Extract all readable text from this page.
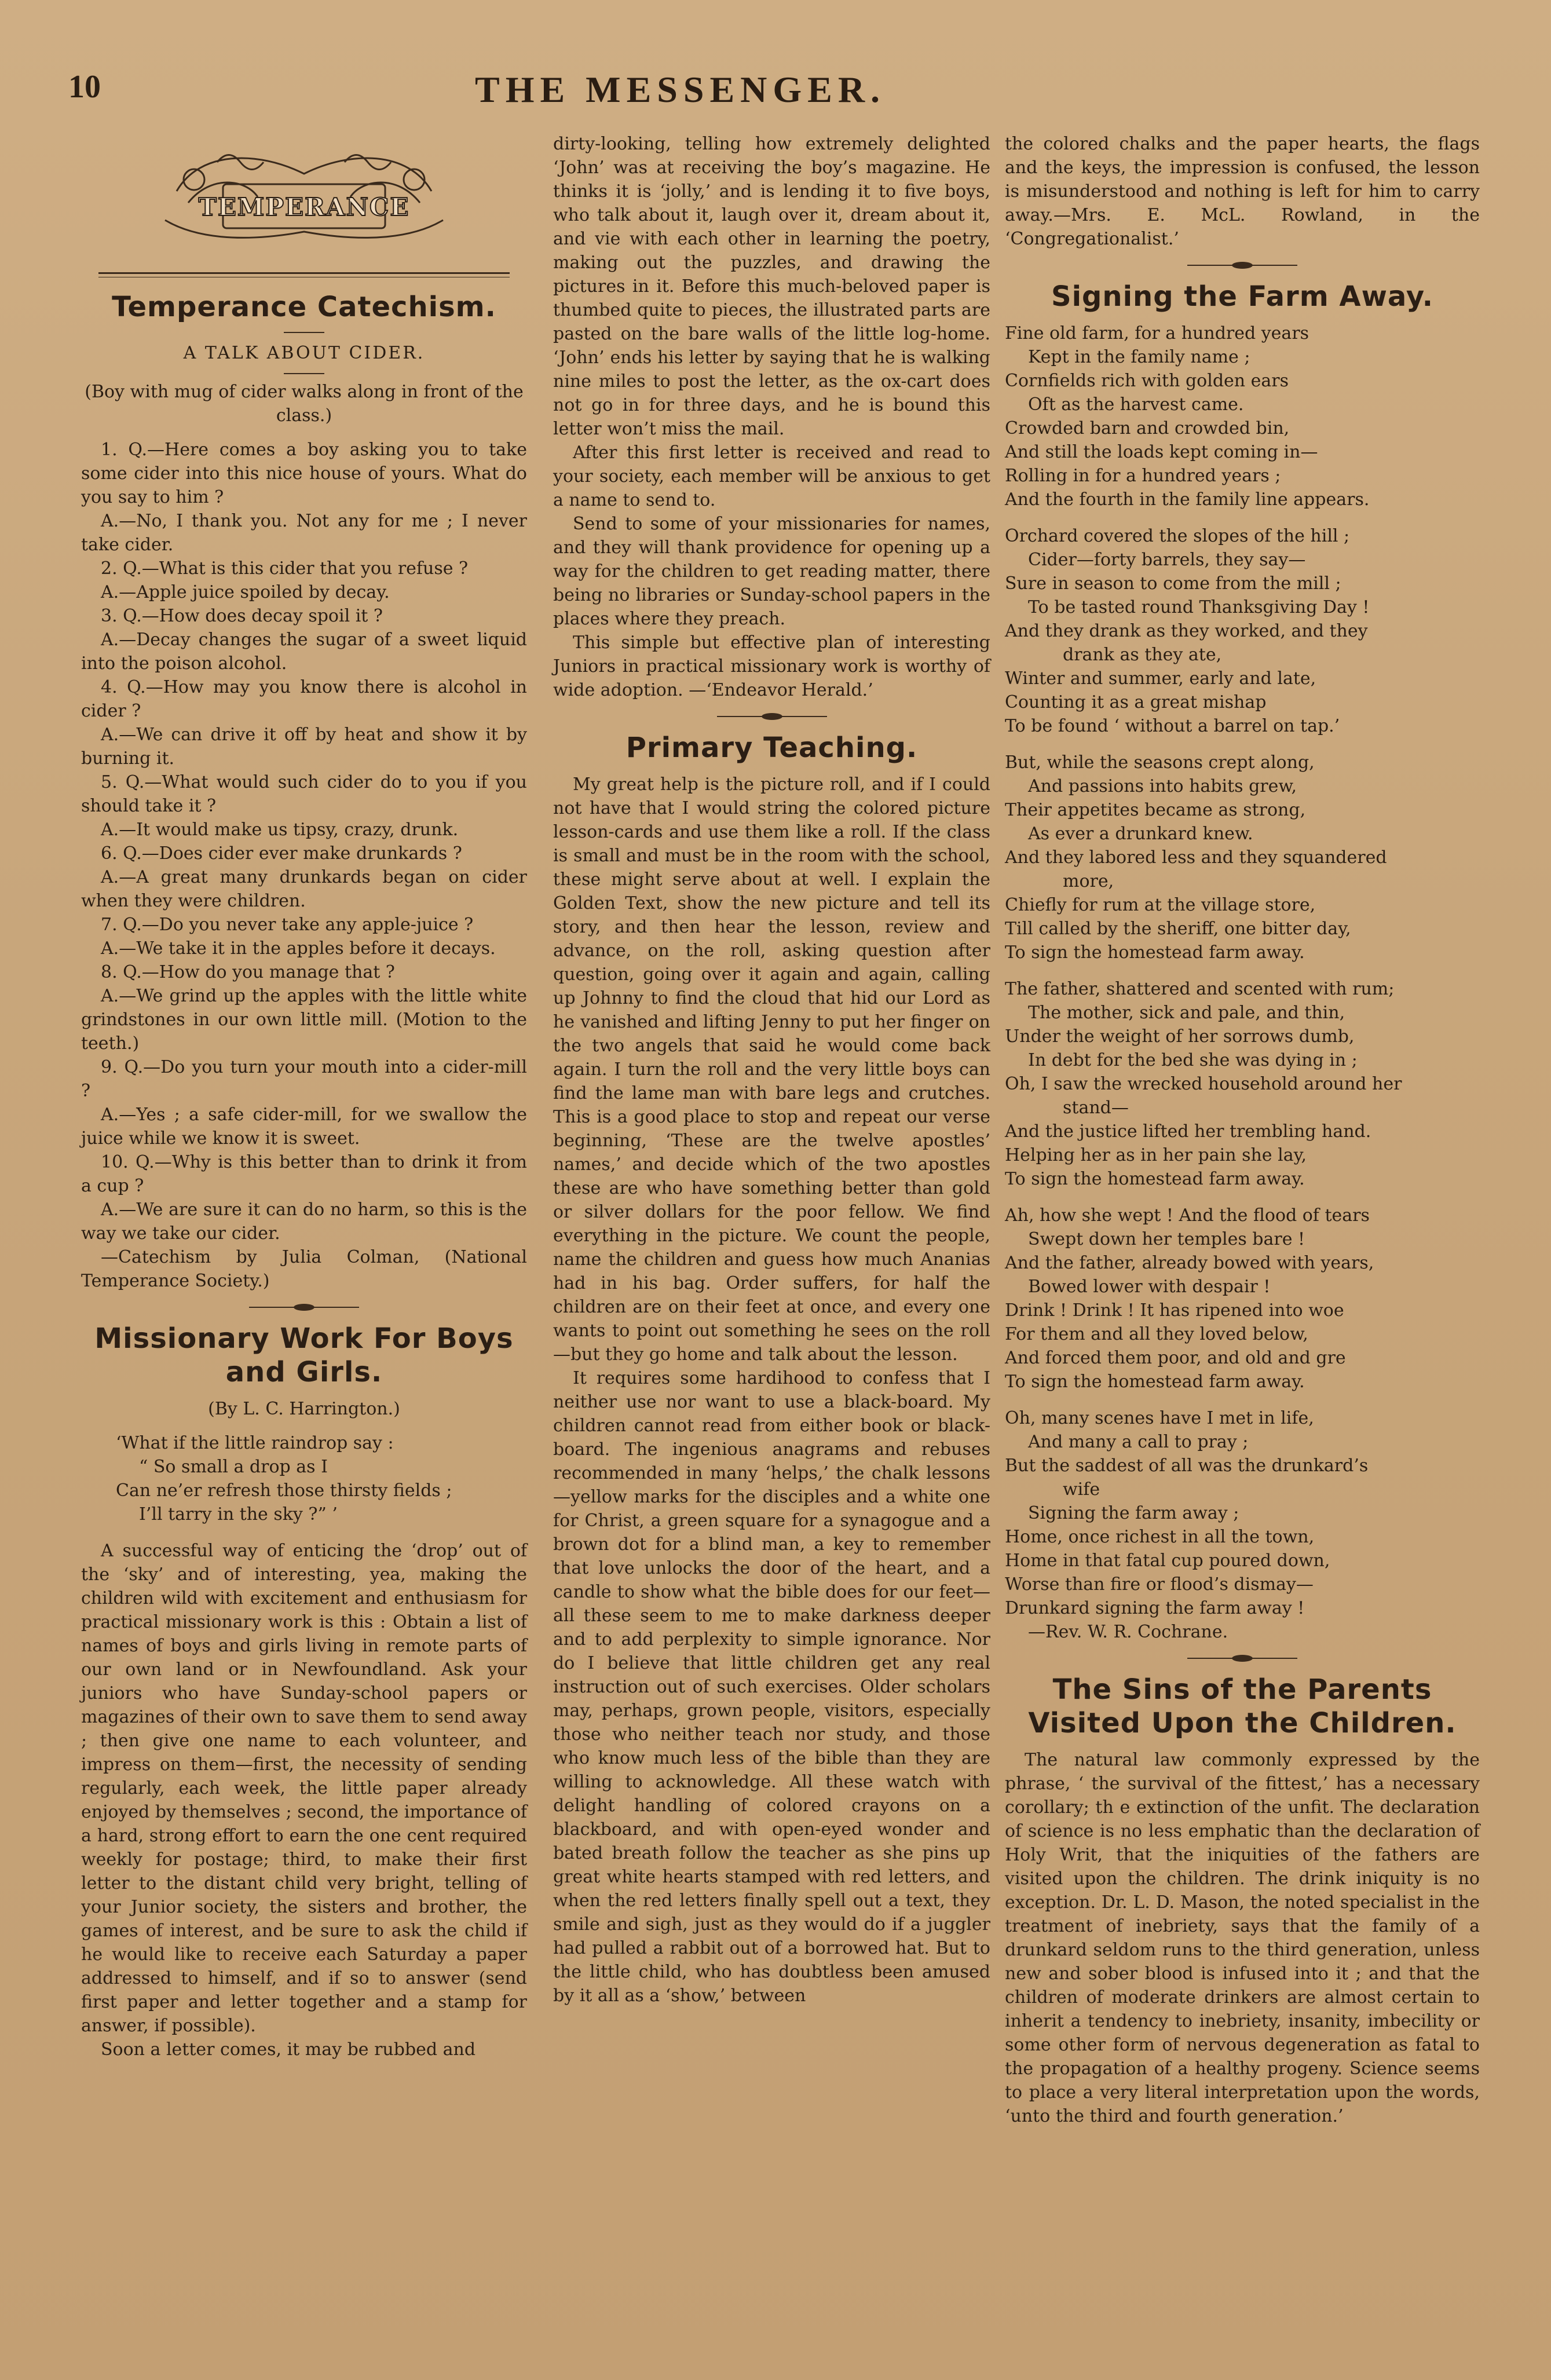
10	THE MESSENGER.
TEMPERANCE
Temperance Catechism.
A TALK ABOUT CIDER.

(Boy with mug of cider walks along in front of the class.)

1. Q.—Here comes a boy asking you to take some cider into this nice house of yours. What do you say to him ?

A.—No, I thank you. Not any for me ; I never take cider.

2. Q.—What is this cider that you refuse ?

A.—Apple juice spoiled by decay.

3. Q.—How does decay spoil it ?

A.—Decay changes the sugar of a sweet liquid into the poison alcohol.

4. Q.—How may you know there is alcohol in cider ?

A.—We can drive it off by heat and show it by burning it.

5. Q.—What would such cider do to you if you should take it ?

A.—It would make us tipsy, crazy, drunk.

6. Q.—Does cider ever make drunkards ?

A.—A great many drunkards began on cider when they were children.

7. Q.—Do you never take any apple-juice ?

A.—We take it in the apples before it decays.

8. Q.—How do you manage that ?

A.—We grind up the apples with the little white grindstones in our own little mill. (Motion to the teeth.)

9. Q.—Do you turn your mouth into a cider-mill ?

A.—Yes ; a safe cider-mill, for we swallow the juice while we know it is sweet.

10. Q.—Why is this better than to drink it from a cup ?

A.—We are sure it can do no harm, so this is the way we take our cider.

—Catechism by Julia Colman, (National Temperance Society.)

Missionary Work For Boys and Girls.

(By L. C. Harrington.)

‘What if the little raindrop say :
“ So small a drop as I
Can ne’er refresh those thirsty fields ;
I’ll tarry in the sky ?” ’

A successful way of enticing the ‘drop’ out of the ‘sky’ and of interesting, yea, making the children wild with excitement and enthusiasm for practical missionary work is this : Obtain a list of names of boys and girls living in remote parts of our own land or in Newfoundland. Ask your juniors who have Sunday-school papers or magazines of their own to save them to send away ; then give one name to each volunteer, and impress on them—first, the necessity of sending regularly, each week, the little paper already enjoyed by themselves ; second, the importance of a hard, strong effort to earn the one cent required weekly for postage; third, to make their first letter to the distant child very bright, telling of your Junior society, the sisters and brother, the games of interest, and be sure to ask the child if he would like to receive each Saturday a paper addressed to himself, and if so to answer (send first paper and letter together and a stamp for answer, if possible).

Soon a letter comes, it may be rubbed and

dirty-looking, telling how extremely delighted ‘John’ was at receiving the boy’s magazine. He thinks it is ‘jolly,’ and is lending it to five boys, who talk about it, laugh over it, dream about it, and vie with each other in learning the poetry, making out the puzzles, and drawing the pictures in it. Before this much-beloved paper is thumbed quite to pieces, the illustrated parts are pasted on the bare walls of the little log-home. ‘John’ ends his letter by saying that he is walking nine miles to post the letter, as the ox-cart does not go in for three days, and he is bound this letter won’t miss the mail.

After this first letter is received and read to your society, each member will be anxious to get a name to send to.

Send to some of your missionaries for names, and they will thank providence for opening up a way for the children to get reading matter, there being no libraries or Sunday-school papers in the places where they preach.

This simple but effective plan of interesting Juniors in practical missionary work is worthy of wide adoption. —‘Endeavor Herald.’

Primary Teaching.

My great help is the picture roll, and if I could not have that I would string the colored picture lesson-cards and use them like a roll. If the class is small and must be in the room with the school, these might serve about at well. I explain the Golden Text, show the new picture and tell its story, and then hear the lesson, review and advance, on the roll, asking question after question, going over it again and again, calling up Johnny to find the cloud that hid our Lord as he vanished and lifting Jenny to put her finger on the two angels that said he would come back again. I turn the roll and the very little boys can find the lame man with bare legs and crutches. This is a good place to stop and repeat our verse beginning, ‘These are the twelve apostles’ names,’ and decide which of the two apostles these are who have something better than gold or silver dollars for the poor fellow. We find everything in the picture. We count the people, name the children and guess how much Ananias had in his bag. Order suffers, for half the children are on their feet at once, and every one wants to point out something he sees on the roll—but they go home and talk about the lesson.

It requires some hardihood to confess that I neither use nor want to use a black-board. My children cannot read from either book or black-board. The ingenious anagrams and rebuses recommended in many ‘helps,’ the chalk lessons—yellow marks for the disciples and a white one for Christ, a green square for a synagogue and a brown dot for a blind man, a key to remember that love unlocks the door of the heart, and a candle to show what the bible does for our feet—all these seem to me to make darkness deeper and to add perplexity to simple ignorance. Nor do I believe that little children get any real instruction out of such exercises. Older scholars may, perhaps, grown people, visitors, especially those who neither teach nor study, and those who know much less of the bible than they are willing to acknowledge. All these watch with delight handling of colored crayons on a blackboard, and with open-eyed wonder and bated breath follow the teacher as she pins up great white hearts stamped with red letters, and when the red letters finally spell out a text, they smile and sigh, just as they would do if a juggler had pulled a rabbit out of a borrowed hat. But to the little child, who has doubtless been amused by it all as a ‘show,’ between

the colored chalks and the paper hearts, the flags and the keys, the impression is confused, the lesson is misunderstood and nothing is left for him to carry away.—Mrs. E. McL. Rowland, in the ‘Congregationalist.’

Signing the Farm Away.
Fine old farm, for a hundred years
Kept in the family name ;
Cornfields rich with golden ears
Oft as the harvest came.
Crowded barn and crowded bin,
And still the loads kept coming in—
Rolling in for a hundred years ;
And the fourth in the family line appears.
Orchard covered the slopes of the hill ;
Cider—forty barrels, they say—
Sure in season to come from the mill ;
To be tasted round Thanksgiving Day !
And they drank as they worked, and they
drank as they ate,
Winter and summer, early and late,
Counting it as a great mishap
To be found ‘ without a barrel on tap.’
But, while the seasons crept along,
And passions into habits grew,
Their appetites became as strong,
As ever a drunkard knew.
And they labored less and they squandered
more,
Chiefly for rum at the village store,
Till called by the sheriff, one bitter day,
To sign the homestead farm away.
The father, shattered and scented with rum;
The mother, sick and pale, and thin,
Under the weight of her sorrows dumb,
In debt for the bed she was dying in ;
Oh, I saw the wrecked household around her
stand—
And the justice lifted her trembling hand.
Helping her as in her pain she lay,
To sign the homestead farm away.
Ah, how she wept ! And the flood of tears
Swept down her temples bare !
And the father, already bowed with years,
Bowed lower with despair !
Drink ! Drink ! It has ripened into woe
For them and all they loved below,
And forced them poor, and old and gre
To sign the homestead farm away.
Oh, many scenes have I met in life,
And many a call to pray ;
But the saddest of all was the drunkard’s
wife
Signing the farm away ;
Home, once richest in all the town,
Home in that fatal cup poured down,
Worse than fire or flood’s dismay—
Drunkard signing the farm away !
—Rev. W. R. Cochrane.
The Sins of the Parents Visited Upon the Children.

The natural law commonly expressed by the phrase, ‘ the survival of the fittest,’ has a necessary corollary; th e extinction of the unfit. The declaration of science is no less emphatic than the declaration of Holy Writ, that the iniquities of the fathers are visited upon the children. The drink iniquity is no exception. Dr. L. D. Mason, the noted specialist in the treatment of inebriety, says that the family of a drunkard seldom runs to the third generation, unless new and sober blood is infused into it ; and that the children of moderate drinkers are almost certain to inherit a tendency to inebriety, insanity, imbecility or some other form of nervous degeneration as fatal to the propagation of a healthy progeny. Science seems to place a very literal interpretation upon the words, ‘unto the third and fourth generation.’
